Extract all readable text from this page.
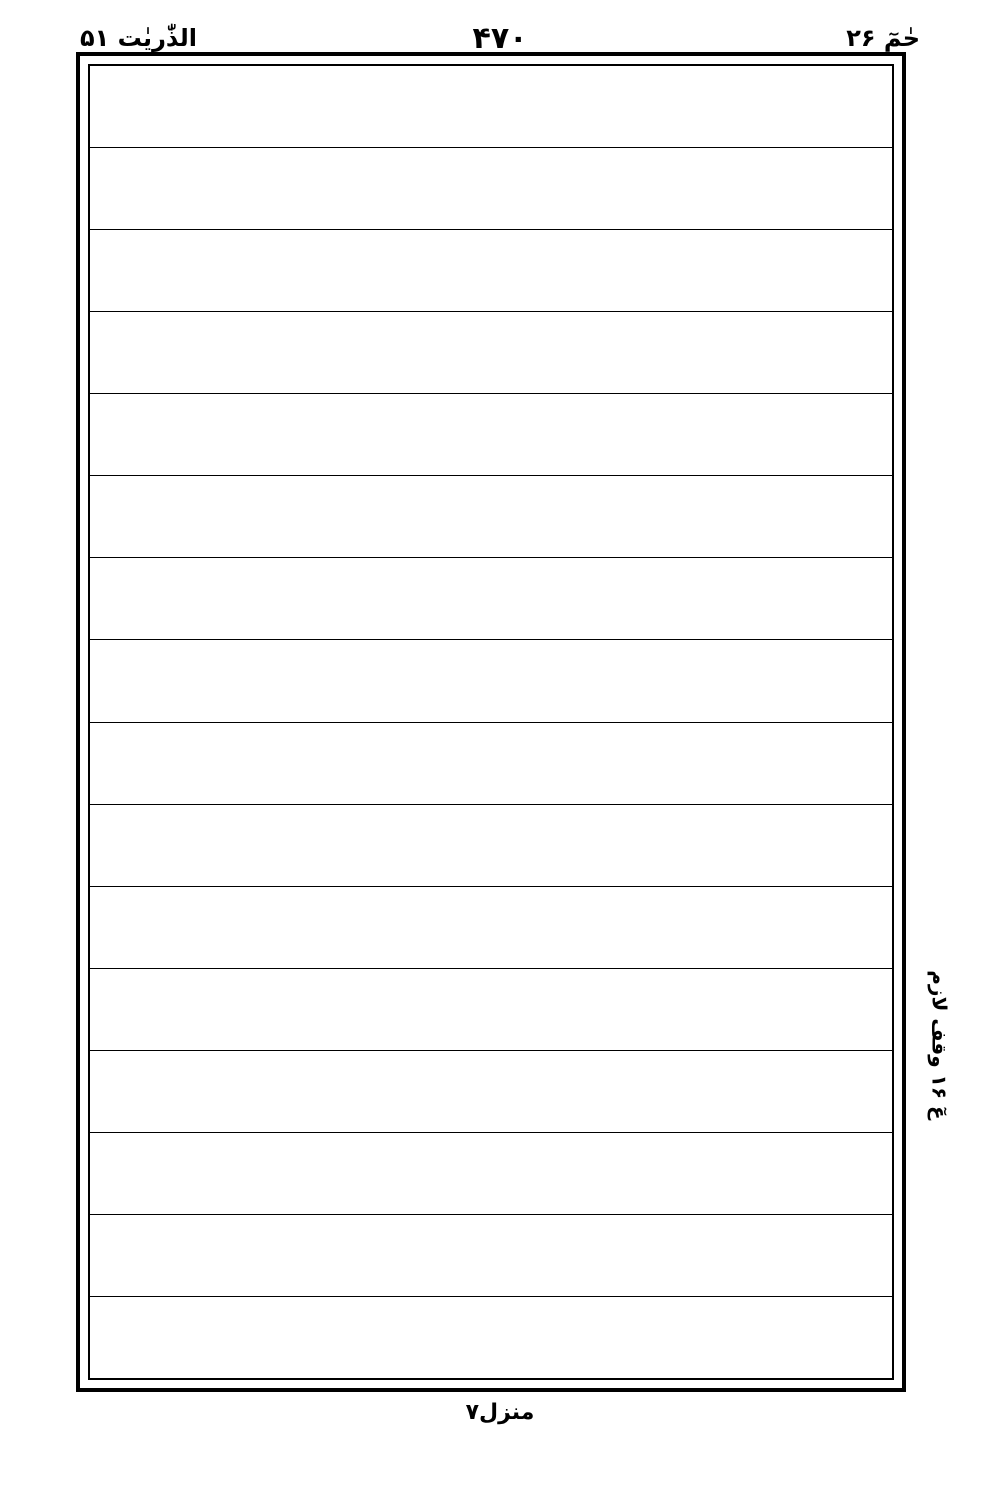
حٰمٓ ۲۶
۴۷۰
الذّٰرِیٰت ۵۱
عٓ ۱۶ وقف لازم
منزل۷
